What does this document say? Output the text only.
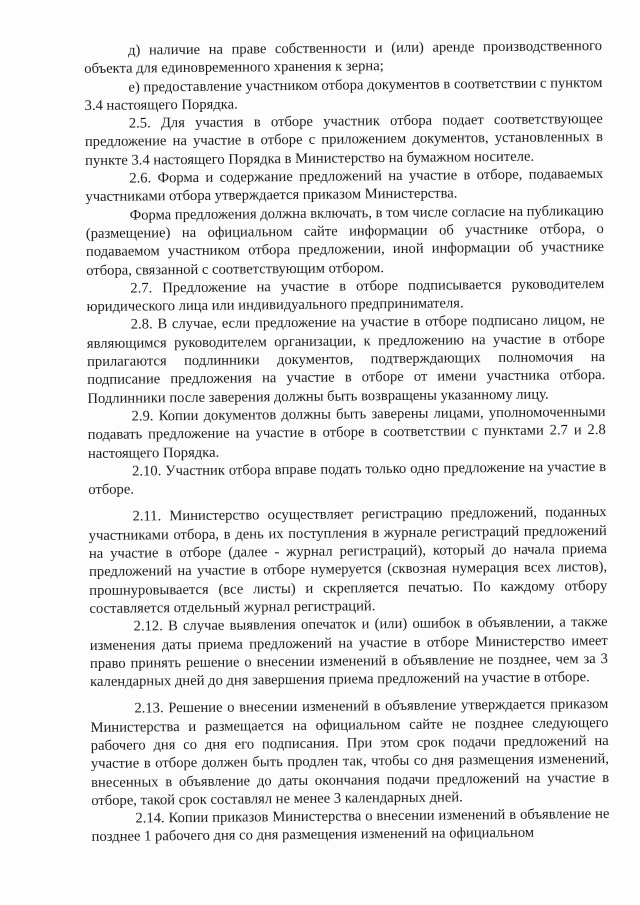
д) наличие на праве собственности и (или) аренде производственного объекта для единовременного хранения к зерна;

е) предоставление участником отбора документов в соответствии с пунктом 3.4 настоящего Порядка.

2.5. Для участия в отборе участник отбора подает соответствующее предложение на участие в отборе с приложением документов, установленных в пункте 3.4 настоящего Порядка в Министерство на бумажном носителе.

2.6. Форма и содержание предложений на участие в отборе, подаваемых участниками отбора утверждается приказом Министерства.

Форма предложения должна включать, в том числе согласие на публикацию (размещение) на официальном сайте информации об участнике отбора, о подаваемом участником отбора предложении, иной информации об участнике отбора, связанной с соответствующим отбором.

2.7. Предложение на участие в отборе подписывается руководителем юридического лица или индивидуального предпринимателя.

2.8. В случае, если предложение на участие в отборе подписано лицом, не являющимся руководителем организации, к предложению на участие в отборе прилагаются подлинники документов, подтверждающих полномочия на подписание предложения на участие в отборе от имени участника отбора. Подлинники после заверения должны быть возвращены указанному лицу.

2.9. Копии документов должны быть заверены лицами, уполномоченными подавать предложение на участие в отборе в соответствии с пунктами 2.7 и 2.8 настоящего Порядка.

2.10. Участник отбора вправе подать только одно предложение на участие в отборе.

2.11. Министерство осуществляет регистрацию предложений, поданных участниками отбора, в день их поступления в журнале регистраций предложений на участие в отборе (далее - журнал регистраций), который до начала приема предложений на участие в отборе нумеруется (сквозная нумерация всех листов), прошнуровывается (все листы) и скрепляется печатью. По каждому отбору составляется отдельный журнал регистраций.

2.12. В случае выявления опечаток и (или) ошибок в объявлении, а также изменения даты приема предложений на участие в отборе Министерство имеет право принять решение о внесении изменений в объявление не позднее, чем за 3 календарных дней до дня завершения приема предложений на участие в отборе.

2.13. Решение о внесении изменений в объявление утверждается приказом Министерства и размещается на официальном сайте не позднее следующего рабочего дня со дня его подписания. При этом срок подачи предложений на участие в отборе должен быть продлен так, чтобы со дня размещения изменений, внесенных в объявление до даты окончания подачи предложений на участие в отборе, такой срок составлял не менее 3 календарных дней.

2.14. Копии приказов Министерства о внесении изменений в объявление не позднее 1 рабочего дня со дня размещения изменений на официальном
